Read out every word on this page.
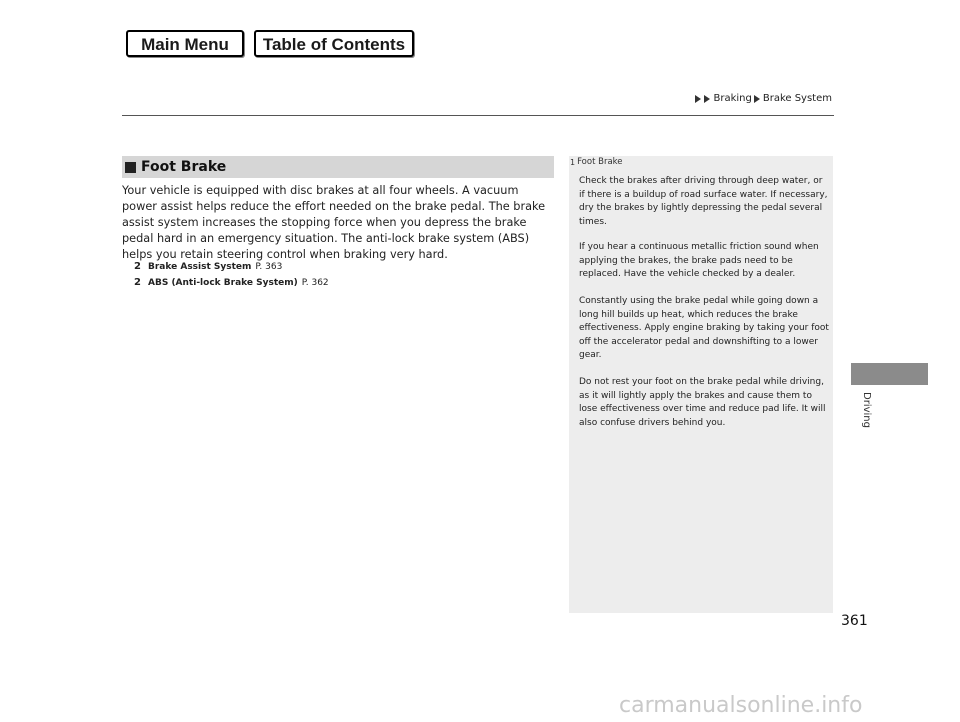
Main Menu	Table of Contents
Braking Brake System
Foot Brake
Your vehicle is equipped with disc brakes at all four wheels. A vacuum power assist helps reduce the effort needed on the brake pedal. The brake assist system increases the stopping force when you depress the brake pedal hard in an emergency situation. The anti-lock brake system (ABS) helps you retain steering control when braking very hard.
2
Brake Assist System P. 363
2
ABS (Anti-lock Brake System) P. 362
1 Foot Brake
Check the brakes after driving through deep water, or if there is a buildup of road surface water. If necessary, dry the brakes by lightly depressing the pedal several times.
If you hear a continuous metallic friction sound when applying the brakes, the brake pads need to be replaced. Have the vehicle checked by a dealer.
Constantly using the brake pedal while going down a long hill builds up heat, which reduces the brake effectiveness. Apply engine braking by taking your foot off the accelerator pedal and downshifting to a lower gear.
Do not rest your foot on the brake pedal while driving, as it will lightly apply the brakes and cause them to lose effectiveness over time and reduce pad life. It will also confuse drivers behind you.	Driving
361
carmanualsonline.info
